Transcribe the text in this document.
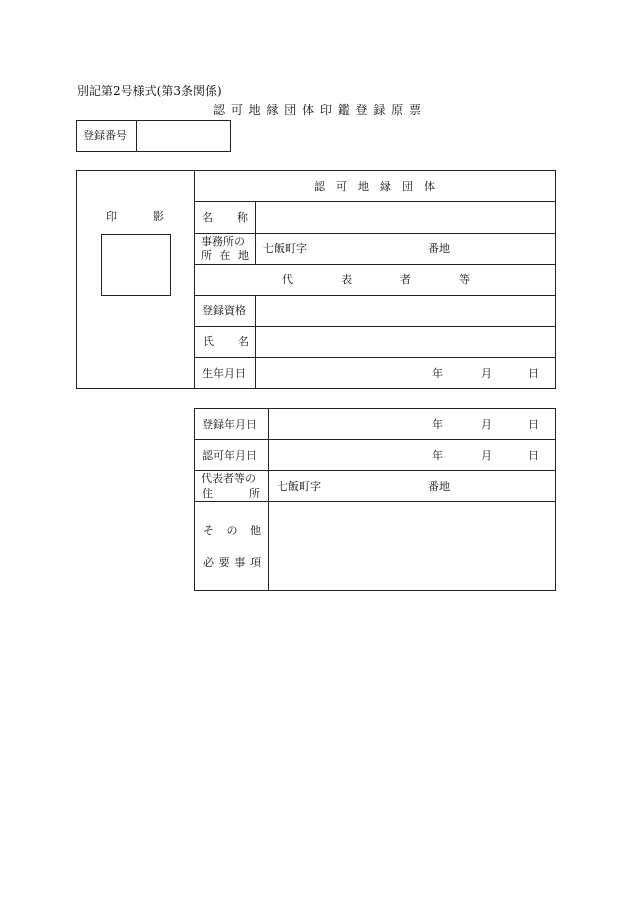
別記第2号様式(第3条関係)
認 可 地 縁 団 体 印 鑑 登 録 原 票
登録番号
印　影
認　可　地　縁　団　体
名　称
事務所の
所 在 地
七飯町字	番地
代　表　者　等
登録資格
氏　名
生年月日	年	月	日
登録年月日	年	月	日
認可年月日	年	月	日
代表者等の
住　所
七飯町字	番地
そ の 他
必 要 事 項
